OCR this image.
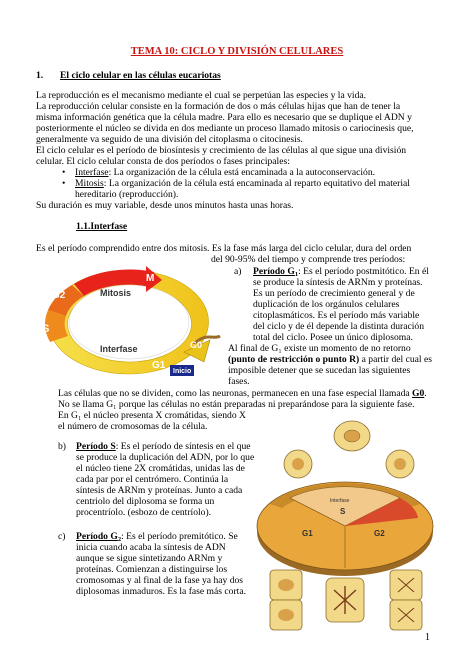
TEMA 10: CICLO Y DIVISIÓN CELULARES
1. El ciclo celular en las células eucariotas
La reproducción es el mecanismo mediante el cual se perpetúan las especies y la vida.
La reproducción celular consiste en la formación de dos o más células hijas que han de tener la
misma información genética que la célula madre. Para ello es necesario que se duplique el ADN y
posteriormente el núcleo se divida en dos mediante un proceso llamado mitosis o cariocinesis que,
generalmente va seguido de una división del citoplasma o citocinesis.
El ciclo celular es el período de biosíntesis y crecimiento de las células al que sigue una división
celular. El ciclo celular consta de dos períodos o fases principales:
• Interfase: La organización de la célula está encaminada a la autoconservación.
• Mitosis: La organización de la célula está encaminada al reparto equitativo del material
hereditario (reproducción).
Su duración es muy variable, desde unos minutos hasta unas horas.
1.1.Interfase
Es el período comprendido entre dos mitosis. Es la fase más larga del ciclo celular, dura del orden
del 90-95% del tiempo y comprende tres períodos:
M
G2
S
Mitosis
Interfase
G1
G0
Inicio
a) Período $G_1$: Es el período postmitótico. En él
se produce la síntesis de ARNm y proteínas.
Es un período de crecimiento general y de
duplicación de los orgánulos celulares
citoplasmáticos. Es el período más variable
del ciclo y de él depende la distinta duración
total del ciclo. Posee un único diplosoma.
Al final de G₁ existe un momento de no retorno
(punto de restricción o punto R) a partir del cual es
imposible detener que se sucedan las siguientes
fases.
Las células que no se dividen, como las neuronas, permanecen en una fase especial llamada G0.
No se llama G₁ porque las células no están preparadas ni preparándose para la siguiente fase.
En G₁ el núcleo presenta X cromátidas, siendo X
el número de cromosomas de la célula.
b) Período S: Es el período de síntesis en el que
se produce la duplicación del ADN, por lo que
el núcleo tiene 2X cromátidas, unidas las de
cada par por el centrómero. Continúa la
síntesis de ARNm y proteínas. Junto a cada
centriolo del diplosoma se forma un
procentríolo. (esbozo de centríolo).
c) Período $G_2$: Es el período premitótico. Se
inicia cuando acaba la síntesis de ADN
aunque se sigue sintetizando ARNm y
proteínas. Comienzan a distinguirse los
cromosomas y al final de la fase ya hay dos
diplosomas inmaduros. Es la fase más corta.
Interfase
S
G1	G2
1
